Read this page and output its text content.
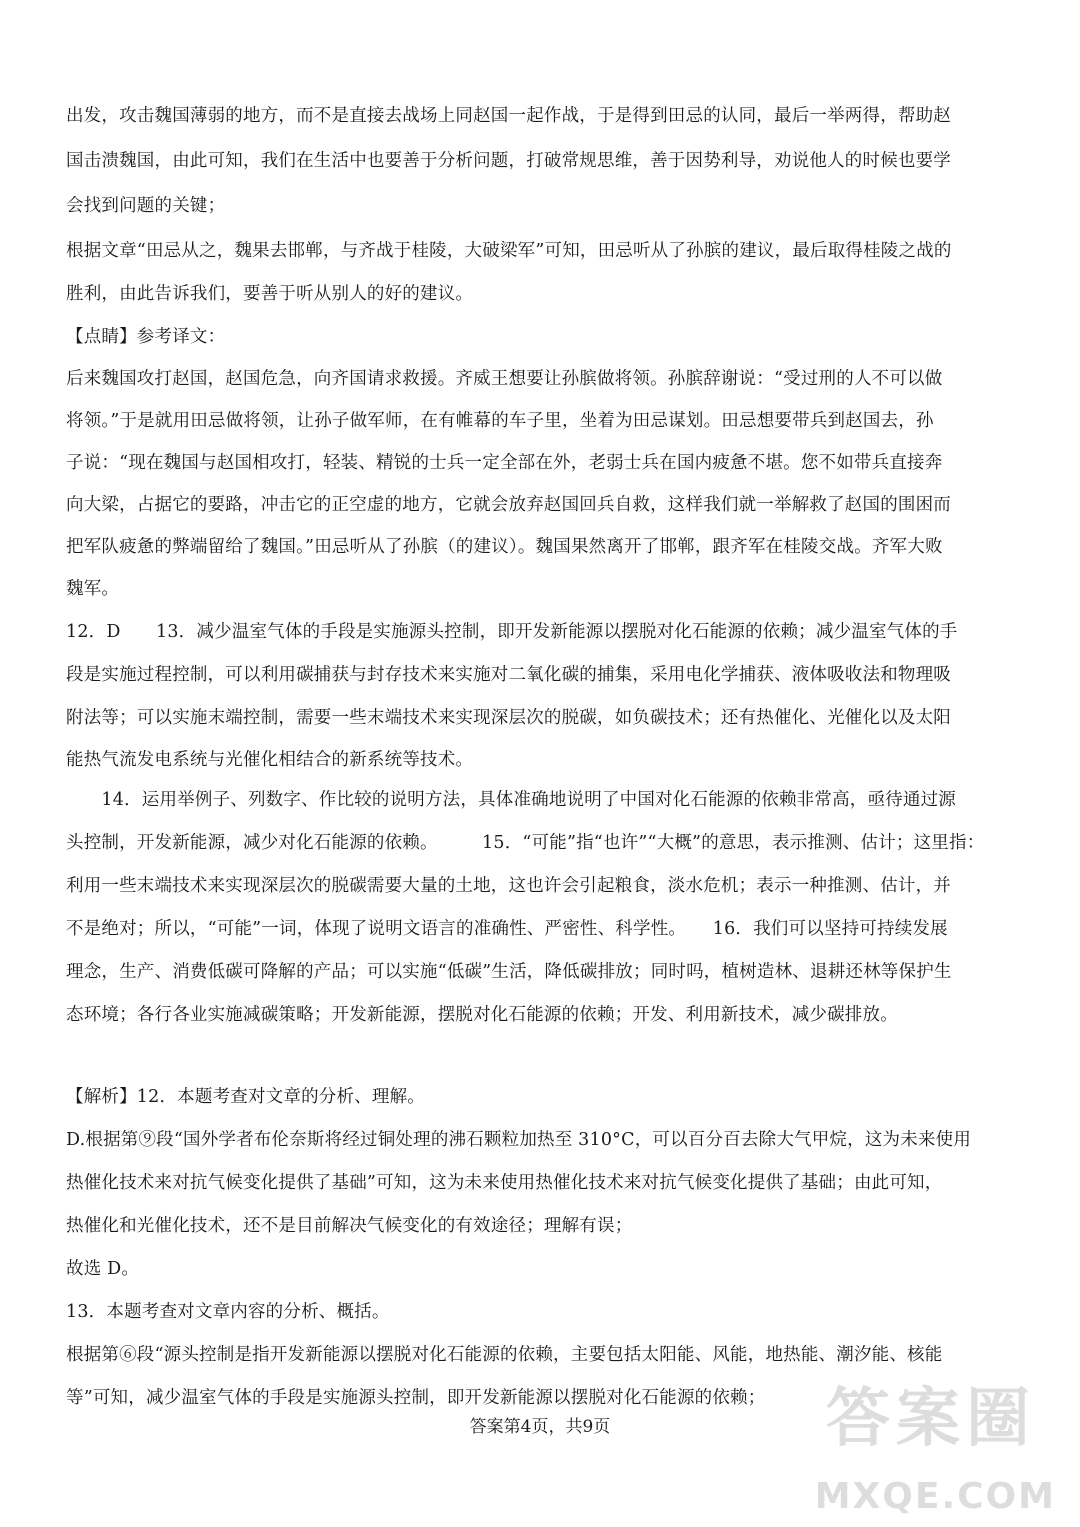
出发，攻击魏国薄弱的地方，而不是直接去战场上同赵国一起作战，于是得到田忌的认同，最后一举两得，帮助赵
国击溃魏国，由此可知，我们在生活中也要善于分析问题，打破常规思维，善于因势利导，劝说他人的时候也要学
会找到问题的关键；
根据文章“田忌从之，魏果去邯郸，与齐战于桂陵，大破梁军”可知，田忌听从了孙膑的建议，最后取得桂陵之战的
胜利，由此告诉我们，要善于听从别人的好的建议。
【点睛】参考译文：
后来魏国攻打赵国，赵国危急，向齐国请求救援。齐威王想要让孙膑做将领。孙膑辞谢说：“受过刑的人不可以做
将领。”于是就用田忌做将领，让孙子做军师，在有帷幕的车子里，坐着为田忌谋划。田忌想要带兵到赵国去，孙
子说：“现在魏国与赵国相攻打，轻装、精锐的士兵一定全部在外，老弱士兵在国内疲惫不堪。您不如带兵直接奔
向大梁，占据它的要路，冲击它的正空虚的地方，它就会放弃赵国回兵自救，这样我们就一举解救了赵国的围困而
把军队疲惫的弊端留给了魏国。”田忌听从了孙膑（的建议）。魏国果然离开了邯郸，跟齐军在桂陵交战。齐军大败
魏军。
12．D　　13．减少温室气体的手段是实施源头控制，即开发新能源以摆脱对化石能源的依赖；减少温室气体的手
段是实施过程控制，可以利用碳捕获与封存技术来实施对二氧化碳的捕集，采用电化学捕获、液体吸收法和物理吸
附法等；可以实施末端控制，需要一些末端技术来实现深层次的脱碳，如负碳技术；还有热催化、光催化以及太阳
能热气流发电系统与光催化相结合的新系统等技术。
　　14．运用举例子、列数字、作比较的说明方法，具体准确地说明了中国对化石能源的依赖非常高，亟待通过源
头控制，开发新能源，减少对化石能源的依赖。　　　15．“可能”指“也许”“大概”的意思，表示推测、估计；这里指：
利用一些末端技术来实现深层次的脱碳需要大量的土地，这也许会引起粮食，淡水危机；表示一种推测、估计，并
不是绝对；所以，“可能”一词，体现了说明文语言的准确性、严密性、科学性。　　16．我们可以坚持可持续发展
理念，生产、消费低碳可降解的产品；可以实施“低碳”生活，降低碳排放；同时吗，植树造林、退耕还林等保护生
态环境；各行各业实施减碳策略；开发新能源，摆脱对化石能源的依赖；开发、利用新技术，减少碳排放。
【解析】12．本题考查对文章的分析、理解。
D.根据第⑨段“国外学者布伦奈斯将经过铜处理的沸石颗粒加热至 310°C，可以百分百去除大气甲烷，这为未来使用
热催化技术来对抗气候变化提供了基础”可知，这为未来使用热催化技术来对抗气候变化提供了基础；由此可知，
热催化和光催化技术，还不是目前解决气候变化的有效途径；理解有误；
故选 D。
13．本题考查对文章内容的分析、概括。
根据第⑥段“源头控制是指开发新能源以摆脱对化石能源的依赖，主要包括太阳能、风能，地热能、潮汐能、核能
等”可知，减少温室气体的手段是实施源头控制，即开发新能源以摆脱对化石能源的依赖；
答案第4页，共9页	答案圈
MXQE.COM
